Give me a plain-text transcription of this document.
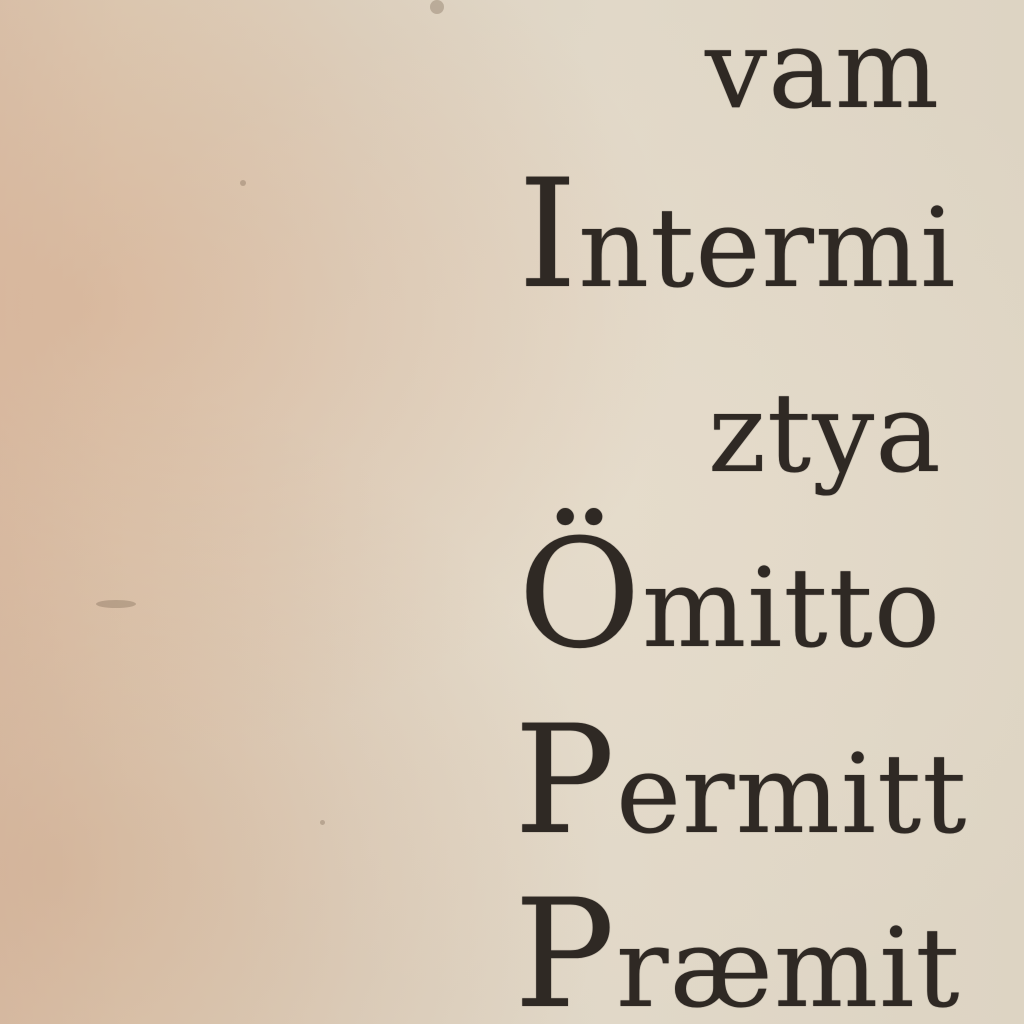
vam
Intermi
ztya
Ömitto
Permitt
Præmit
